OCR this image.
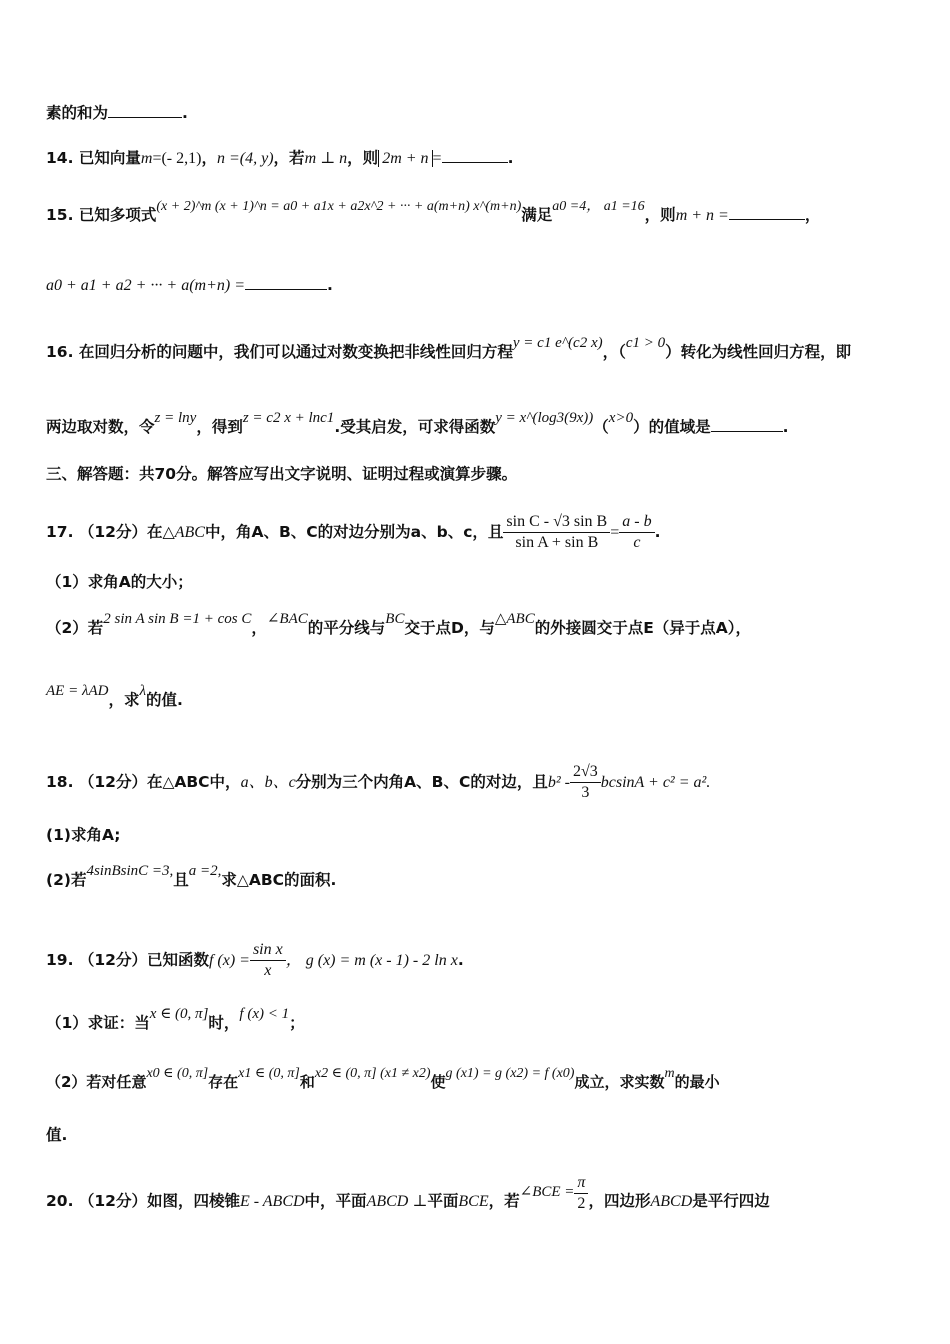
素的和为	.
14. 已知向量m=(- 2,1)，n =(4, y)，若m ⊥ n，则 2m + n =	.
15. 已知多项式(x + 2)^m (x + 1)^n = a0 + a1x + a2x^2 + ··· + a(m+n) x^(m+n)满足a0 =4， a1 =16，则m + n =	，
a0 + a1 + a2 + ··· + a(m+n) =	.
16. 在回归分析的问题中，我们可以通过对数变换把非线性回归方程y = c1 e^(c2 x)，（c1 > 0）转化为线性回归方程，即
两边取对数，令z = lny，得到z = c2 x + lnc1.受其启发，可求得函数y = x^(log3(9x))（x>0）的值域是	.
三、解答题：共70分。解答应写出文字说明、证明过程或演算步骤。
17. （12分）在△ABC中，角A、B、C的对边分别为a、b、c，且 $\frac{\text{sin C - √3 sin B}}{\text{sin A + sin B}} = \frac{a - b}{c}$ .
（1）求角A的大小；
（2）若2 sin A sin B =1 + cos C，∠BAC的平分线与BC交于点D，与△ABC的外接圆交于点E（异于点A），
AE = λAD，求λ的值.
18. （12分）在△ABC中，a、b、c分别为三个内角A、B、C的对边，且$b^2 - \frac{2√3}{3}$ bcsinA + c² = a².
(1)求角A;
(2)若4sinBsinC =3,且a =2,求△ABC的面积.
19. （12分）已知函数f $(x) = \frac{\text{sin x}}{x}$ ， g (x) = m (x - 1) - 2 ln x.
（1）求证：当x ∈ (0, π]时，f (x) < 1；
（2）若对任意x0 ∈ (0, π]存在x1 ∈ (0, π]和x2 ∈ (0, π] (x1 ≠ x2)使g (x1) = g (x2) = f (x0)成立，求实数m的最小
值.
20. （12分）如图，四棱锥E - ABCD中，平面ABCD ⊥平面BCE，若∠BCE = $\frac{\pi}{2}$ ，四边形ABCD是平行四边
